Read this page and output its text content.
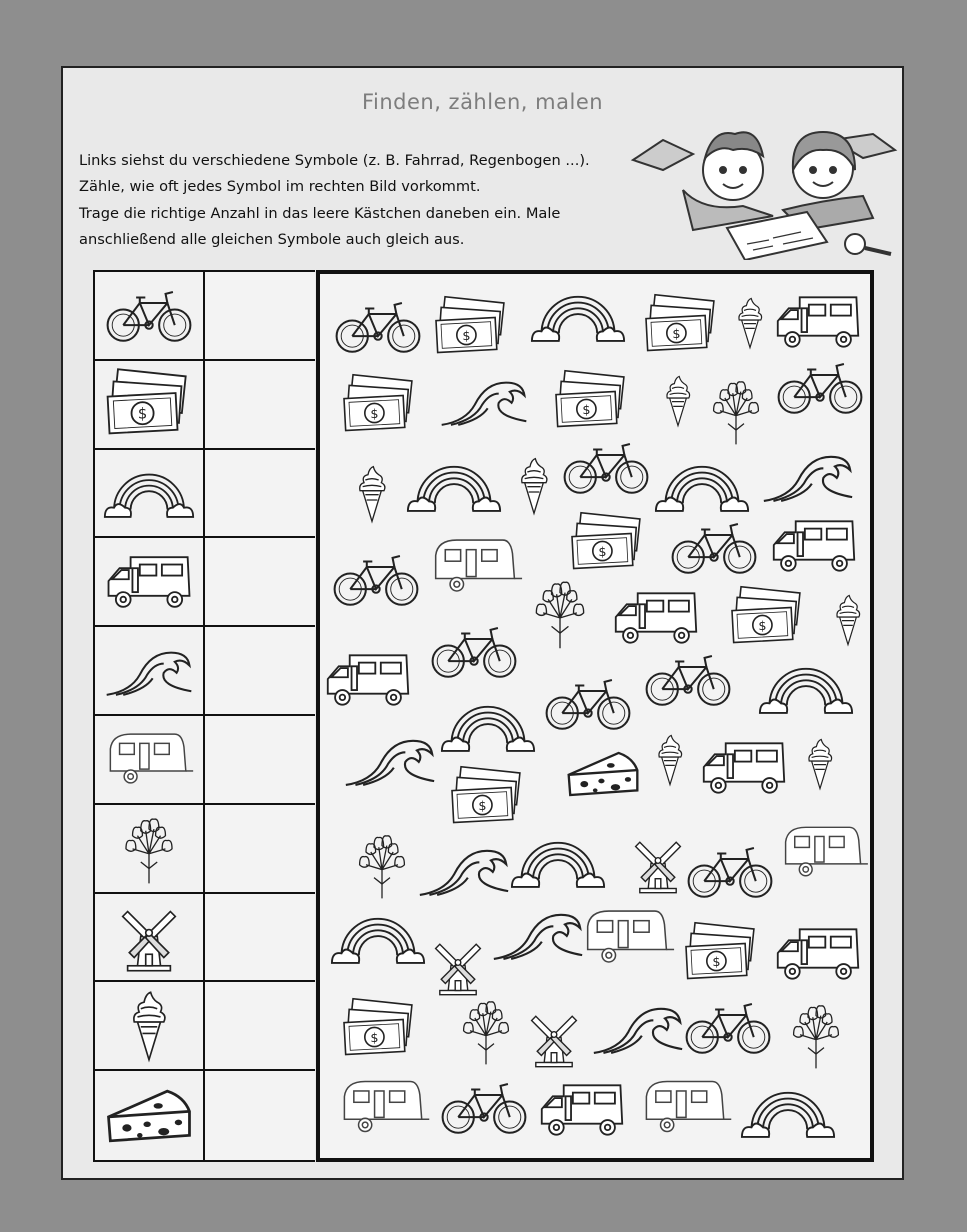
Finden, zählen, malen
Links siehst du verschiedene Symbole (z. B. Fahrrad, Regenbogen ...).
Zähle, wie oft jedes Symbol im rechten Bild vorkommt.
Trage die richtige Anzahl in das leere Kästchen daneben ein. Male
anschließend alle gleichen Symbole auch gleich aus.
